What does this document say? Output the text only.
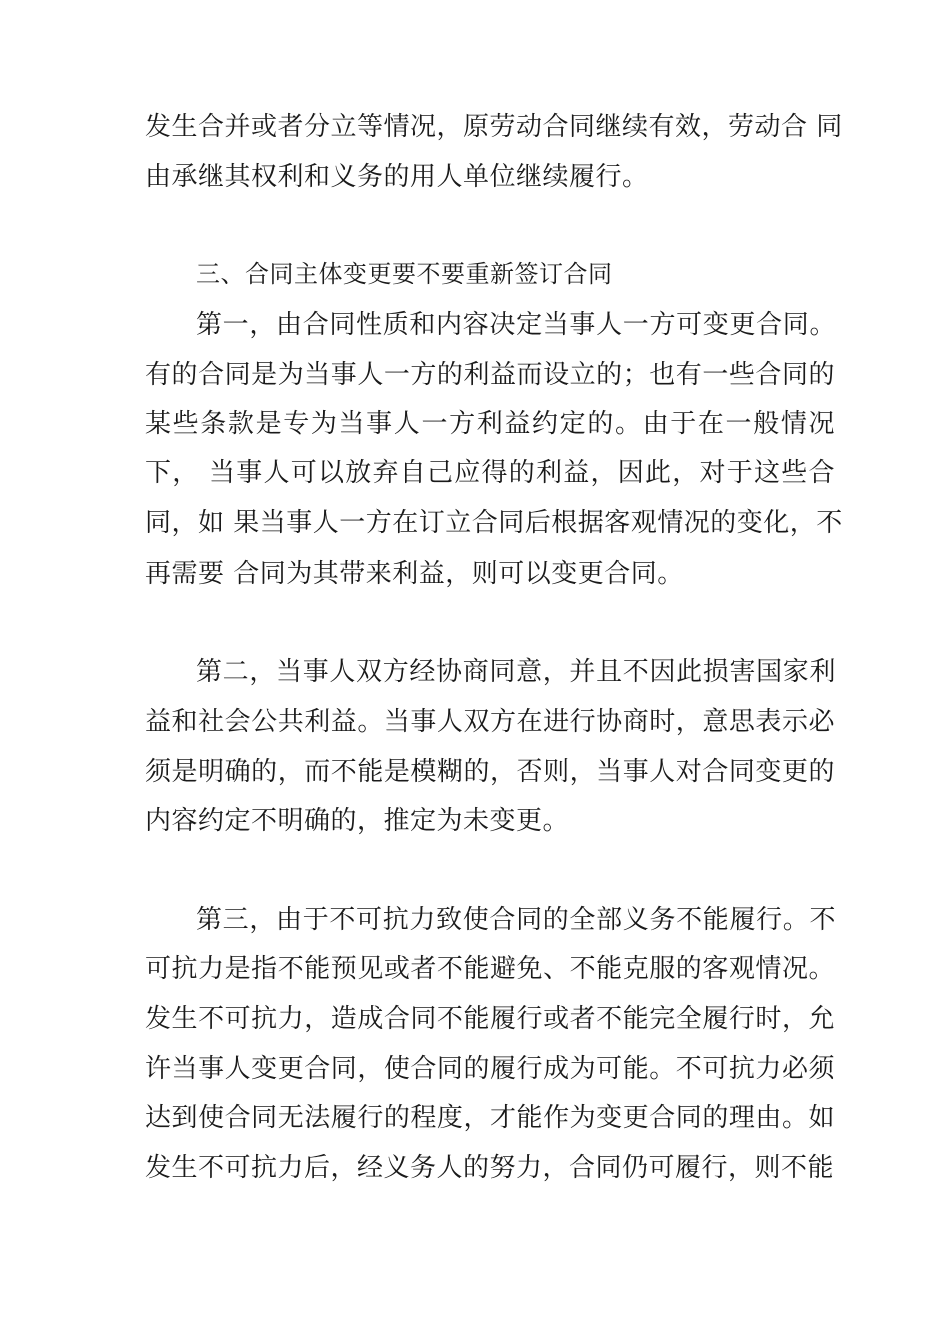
发生合并或者分立等情况，原劳动合同继续有效，劳动合 同
由承继其权利和义务的用人单位继续履行。
三、合同主体变更要不要重新签订合同
第一，由合同性质和内容决定当事人一方可变更合同。
有的合同是为当事人一方的利益而设立的；也有一些合同的
某些条款是专为当事人一方利益约定的。由于在一般情况
下， 当事人可以放弃自己应得的利益，因此，对于这些合
同，如 果当事人一方在订立合同后根据客观情况的变化，不
再需要 合同为其带来利益，则可以变更合同。
第二，当事人双方经协商同意，并且不因此损害国家利
益和社会公共利益。当事人双方在进行协商时，意思表示必
须是明确的，而不能是模糊的，否则，当事人对合同变更的
内容约定不明确的，推定为未变更。
第三，由于不可抗力致使合同的全部义务不能履行。不
可抗力是指不能预见或者不能避免、不能克服的客观情况。
发生不可抗力，造成合同不能履行或者不能完全履行时，允
许当事人变更合同，使合同的履行成为可能。不可抗力必须
达到使合同无法履行的程度，才能作为变更合同的理由。如
发生不可抗力后，经义务人的努力，合同仍可履行，则不能
